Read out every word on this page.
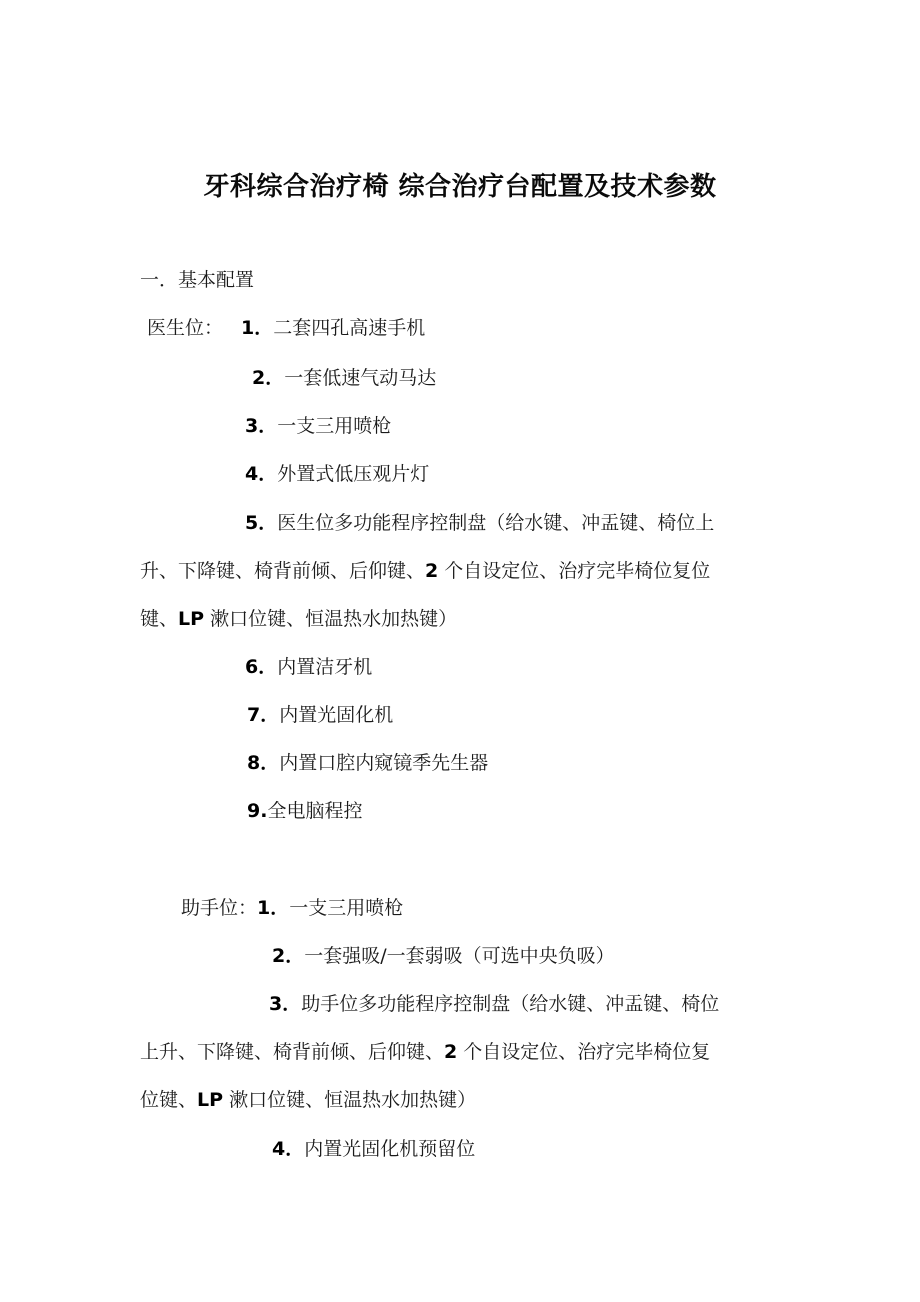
牙科综合治疗椅 综合治疗台配置及技术参数
一．基本配置
医生位： 1．二套四孔高速手机
2．一套低速气动马达
3．一支三用喷枪
4．外置式低压观片灯
5．医生位多功能程序控制盘（给水键、冲盂键、椅位上
升、下降键、椅背前倾、后仰键、2 个自设定位、治疗完毕椅位复位
键、LP 漱口位键、恒温热水加热键）
6．内置洁牙机
7．内置光固化机
8．内置口腔内窥镜季先生器
9.全电脑程控
助手位：1．一支三用喷枪
2．一套强吸/一套弱吸（可选中央负吸）
3．助手位多功能程序控制盘（给水键、冲盂键、椅位
上升、下降键、椅背前倾、后仰键、2 个自设定位、治疗完毕椅位复
位键、LP 漱口位键、恒温热水加热键）
4．内置光固化机预留位
